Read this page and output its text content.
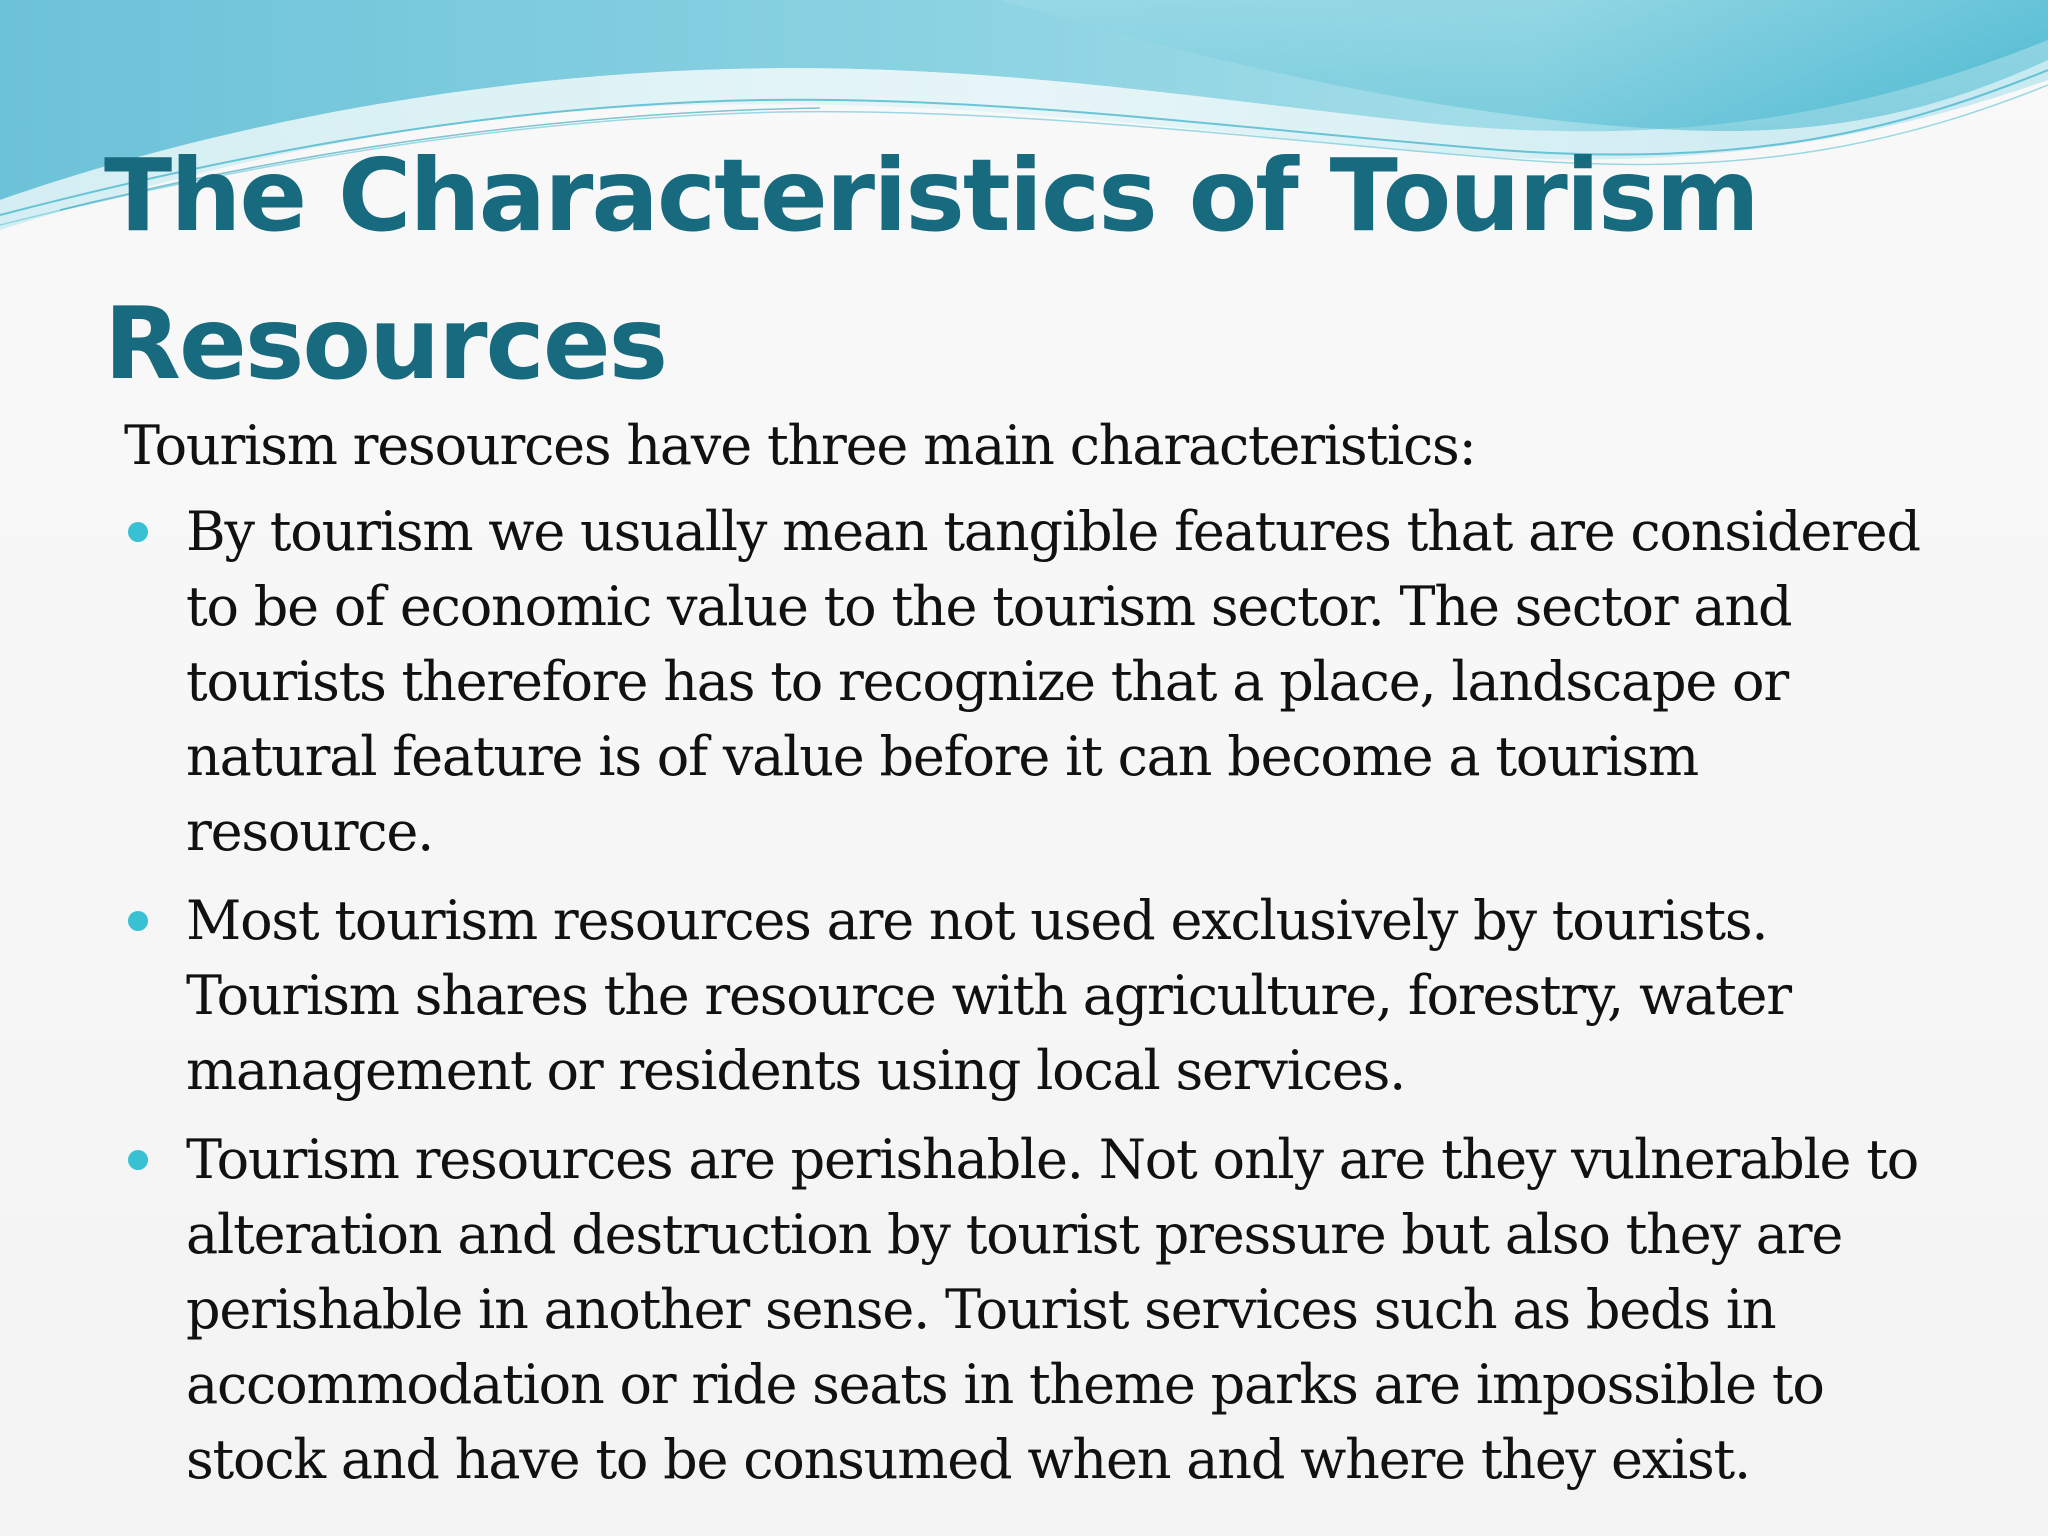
The Characteristics of Tourism Resources

Tourism resources have three main characteristics:

By tourism we usually mean tangible features that are considered to be of economic value to the tourism sector. The sector and tourists therefore has to recognize that a place, landscape or natural feature is of value before it can become a tourism resource.
Most tourism resources are not used exclusively by tourists. Tourism shares the resource with agriculture, forestry, water management or residents using local services.
Tourism resources are perishable. Not only are they vulnerable to alteration and destruction by tourist pressure but also they are perishable in another sense. Tourist services such as beds in accommodation or ride seats in theme parks are impossible to stock and have to be consumed when and where they exist.
